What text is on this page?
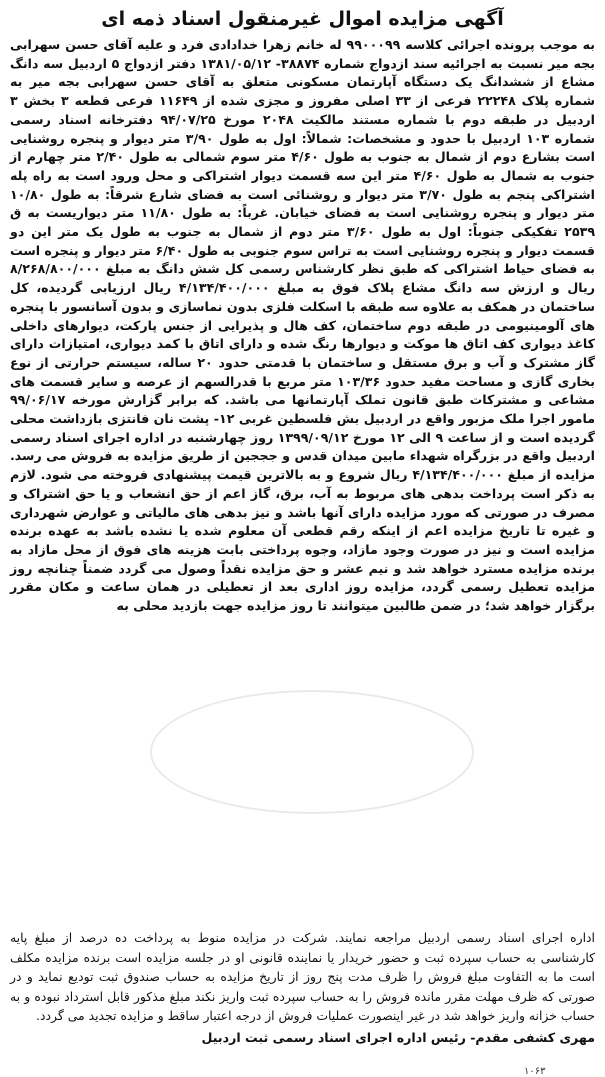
آگهی مزایده اموال غیرمنقول اسناد ذمه ای

به موجب پرونده اجرائی کلاسه ۹۹۰۰۰۹۹ له خانم زهرا خدادادی فرد و علیه آقای حسن سهرابی بجه میر نسبت به اجرائیه سند ازدواج شماره ۳۸۸۷۴- ۱۳۸۱/۰۵/۱۲ دفتر ازدواج ۵ اردبیل سه دانگ مشاع از ششدانگ یک دستگاه آپارتمان مسکونی متعلق به آقای حسن سهرابی بجه میر به شماره پلاک ۲۲۲۴۸ فرعی از ۳۳ اصلی مفروز و مجزی شده از ۱۱۶۴۹ فرعی قطعه ۳ بخش ۳ اردبیل در طبقه دوم با شماره مستند مالکیت ۲۰۴۸ مورخ ۹۴/۰۷/۲۵ دفترخانه اسناد رسمی شماره ۱۰۳ اردبیل با حدود و مشخصات: شمالاً: اول به طول ۳/۹۰ متر دیوار و پنجره روشنایی است بشارع دوم از شمال به جنوب به طول ۴/۶۰ متر سوم شمالی به طول ۲/۴۰ متر چهارم از جنوب به شمال به طول ۴/۶۰ متر این سه قسمت دیوار اشتراکی و محل ورود است به راه پله اشتراکی پنجم به طول ۳/۷۰ متر دیوار و روشنائی است به فضای شارع شرقاً: به طول ۱۰/۸۰ متر دیوار و پنجره روشنایی است به فضای خیابان. غرباً: به طول ۱۱/۸۰ متر دیواریست به ق ۲۵۳۹ تفکیکی جنوباً: اول به طول ۳/۶۰ متر دوم از شمال به جنوب به طول یک متر این دو قسمت دیوار و پنجره روشنایی است به تراس سوم جنوبی به طول ۶/۴۰ متر دیوار و پنجره است به فضای حیاط اشتراکی که طبق نظر کارشناس رسمی کل شش دانگ به مبلغ ۸/۲۶۸/۸۰۰/۰۰۰ ریال و ارزش سه دانگ مشاع پلاک فوق به مبلغ ۴/۱۳۴/۴۰۰/۰۰۰ ریال ارزیابی گردیده، کل ساختمان در همکف به علاوه سه طبقه با اسکلت فلزی بدون نماسازی و بدون آسانسور با پنجره های آلومینیومی در طبقه دوم ساختمان، کف هال و پذیرایی از جنس پارکت، دیوارهای داخلی کاغذ دیواری کف اتاق ها موکت و دیوارها رنگ شده و دارای اتاق با کمد دیواری، امتیازات دارای گاز مشترک و آب و برق مستقل و ساختمان با قدمتی حدود ۲۰ ساله، سیستم حرارتی از نوع بخاری گازی و مساحت مفید حدود ۱۰۳/۳۶ متر مربع با قدرالسهم از عرصه و سایر قسمت های مشاعی و مشترکات طبق قانون تملک آپارتمانها می باشد. که برابر گزارش مورخه ۹۹/۰۶/۱۷ مامور اجرا ملک مزبور واقع در اردبیل بش فلسطین غربی ۱۲- پشت نان فانتزی بازداشت محلی گردیده است و از ساعت ۹ الی ۱۲ مورخ ۱۳۹۹/۰۹/۱۲ روز چهارشنبه در اداره اجرای اسناد رسمی اردبیل واقع در بزرگراه شهداء مابین میدان قدس و جججین از طریق مزایده به فروش می رسد. مزایده از مبلغ ۴/۱۳۴/۴۰۰/۰۰۰ ریال شروع و به بالاترین قیمت پیشنهادی فروخته می شود. لازم به ذکر است پرداخت بدهی های مربوط به آب، برق، گاز اعم از حق انشعاب و یا حق اشتراک و مصرف در صورتی که مورد مزایده دارای آنها باشد و نیز بدهی های مالیاتی و عوارض شهرداری و غیره تا تاریخ مزایده اعم از اینکه رقم قطعی آن معلوم شده یا نشده باشد به عهده برنده مزایده است و نیز در صورت وجود مازاد، وجوه پرداختی بابت هزینه های فوق از محل مازاد به برنده مزایده مسترد خواهد شد و نیم عشر و حق مزایده نقداً وصول می گردد ضمناً چنانچه روز مزایده تعطیل رسمی گردد، مزایده روز اداری بعد از تعطیلی در همان ساعت و مکان مقرر برگزار خواهد شد؛ در ضمن طالبین میتوانند تا روز مزایده جهت بازدید محلی به

اداره اجرای اسناد رسمی اردبیل مراجعه نمایند. شرکت در مزایده منوط به پرداخت ده درصد از مبلغ پایه کارشناسی به حساب سپرده ثبت و حضور خریدار یا نماینده قانونی او در جلسه مزایده است برنده مزایده مکلف است ما به التفاوت مبلغ فروش را ظرف مدت پنج روز از تاریخ مزایده به حساب صندوق ثبت تودیع نماید و در صورتی که ظرف مهلت مقرر مانده فروش را به حساب سپرده ثبت واریز نکند مبلغ مذکور قابل استرداد نبوده و به حساب خزانه واریز خواهد شد در غیر اینصورت عملیات فروش از درجه اعتبار ساقط و مزایده تجدید می گردد.

مهری کشفی مقدم- رئیس اداره اجرای اسناد رسمی ثبت اردبیل
۱۰۶۳
